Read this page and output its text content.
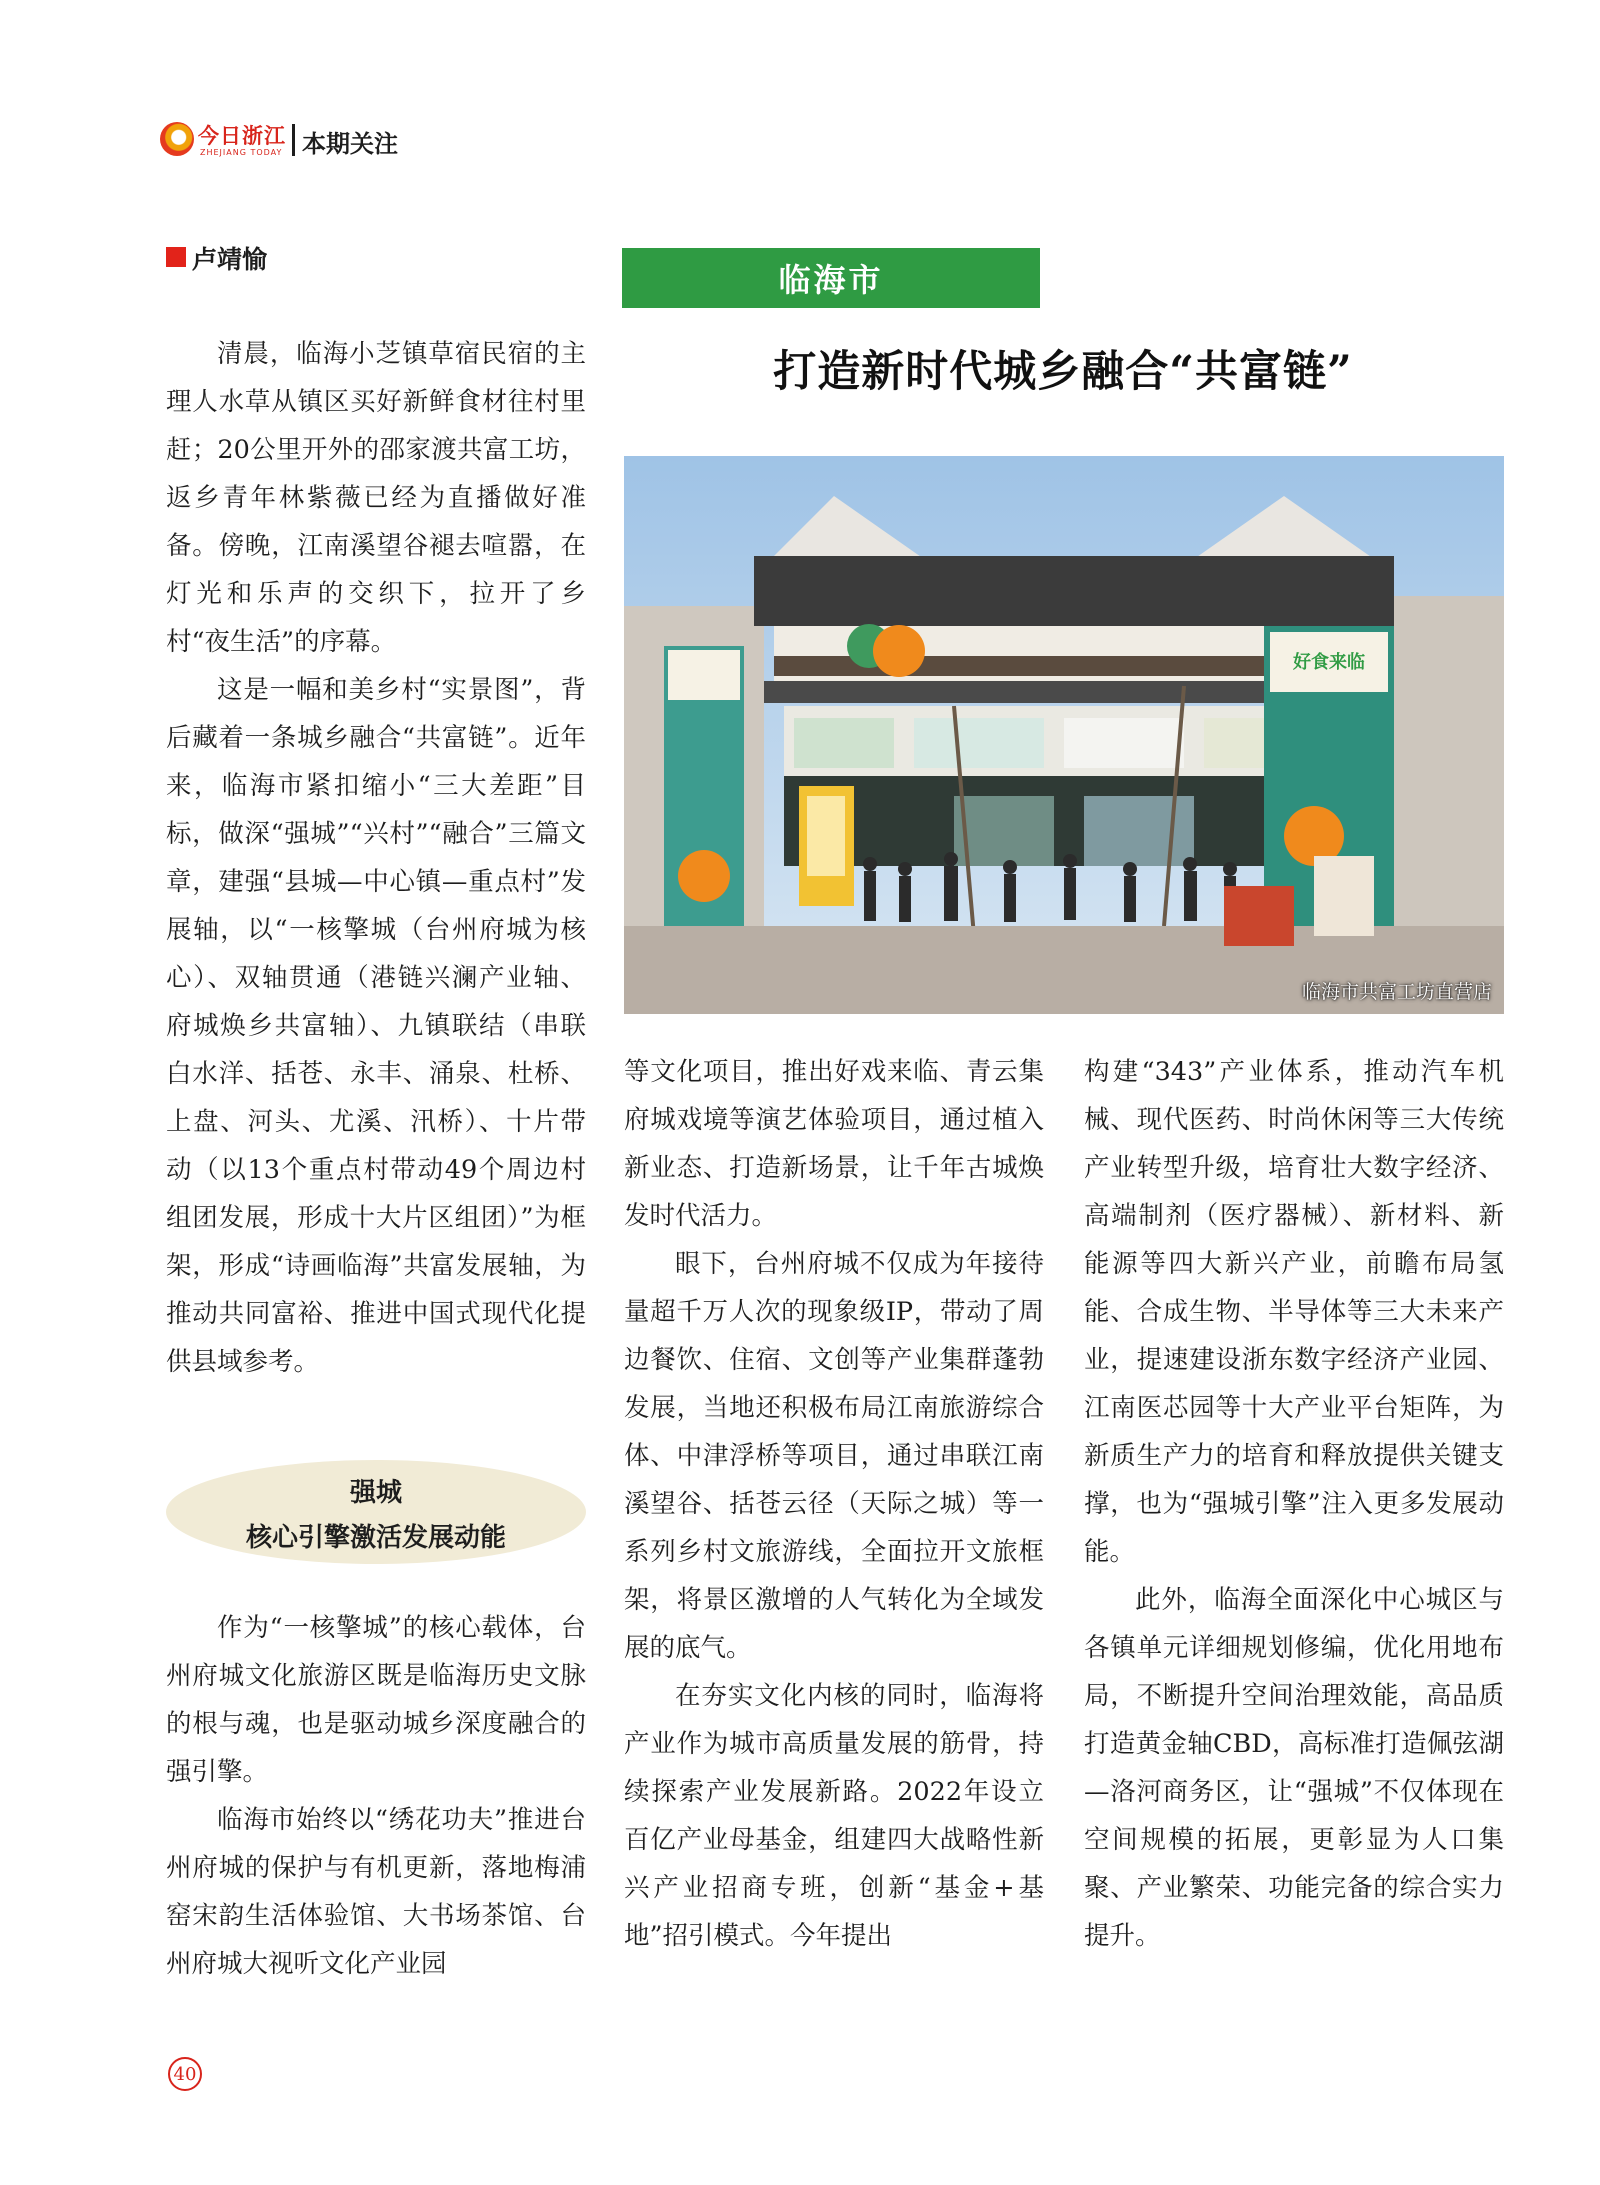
今日浙江
ZHEJIANG TODAY 本期关注
卢靖愉
临海市
打造新时代城乡融合“共富链”
好食来临
临海市共富工坊直营店

清晨，临海小芝镇草宿民宿的主理人水草从镇区买好新鲜食材往村里赶；20公里开外的邵家渡共富工坊，返乡青年林紫薇已经为直播做好准备。傍晚，江南溪望谷褪去喧嚣，在灯光和乐声的交织下，拉开了乡村“夜生活”的序幕。

这是一幅和美乡村“实景图”，背后藏着一条城乡融合“共富链”。近年来，临海市紧扣缩小“三大差距”目标，做深“强城”“兴村”“融合”三篇文章，建强“县城—中心镇—重点村”发展轴，以“一核擎城（台州府城为核心）、双轴贯通（港链兴澜产业轴、府城焕乡共富轴）、九镇联结（串联白水洋、括苍、永丰、涌泉、杜桥、上盘、河头、尤溪、汛桥）、十片带动（以13个重点村带动49个周边村组团发展，形成十大片区组团）”为框架，形成“诗画临海”共富发展轴，为推动共同富裕、推进中国式现代化提供县域参考。

强城
核心引擎激活发展动能

作为“一核擎城”的核心载体，台州府城文化旅游区既是临海历史文脉的根与魂，也是驱动城乡深度融合的强引擎。

临海市始终以“绣花功夫”推进台州府城的保护与有机更新，落地梅浦窑宋韵生活体验馆、大书场茶馆、台州府城大视听文化产业园

等文化项目，推出好戏来临、青云集府城戏境等演艺体验项目，通过植入新业态、打造新场景，让千年古城焕发时代活力。

眼下，台州府城不仅成为年接待量超千万人次的现象级IP，带动了周边餐饮、住宿、文创等产业集群蓬勃发展，当地还积极布局江南旅游综合体、中津浮桥等项目，通过串联江南溪望谷、括苍云径（天际之城）等一系列乡村文旅游线，全面拉开文旅框架，将景区激增的人气转化为全域发展的底气。

在夯实文化内核的同时，临海将产业作为城市高质量发展的筋骨，持续探索产业发展新路。2022年设立百亿产业母基金，组建四大战略性新兴产业招商专班，创新“基金+基地”招引模式。今年提出

构建“343”产业体系，推动汽车机械、现代医药、时尚休闲等三大传统产业转型升级，培育壮大数字经济、高端制剂（医疗器械）、新材料、新能源等四大新兴产业，前瞻布局氢能、合成生物、半导体等三大未来产业，提速建设浙东数字经济产业园、江南医芯园等十大产业平台矩阵，为新质生产力的培育和释放提供关键支撑，也为“强城引擎”注入更多发展动能。

此外，临海全面深化中心城区与各镇单元详细规划修编，优化用地布局，不断提升空间治理效能，高品质打造黄金轴CBD，高标准打造佩弦湖—洛河商务区，让“强城”不仅体现在空间规模的拓展，更彰显为人口集聚、产业繁荣、功能完备的综合实力提升。

40
